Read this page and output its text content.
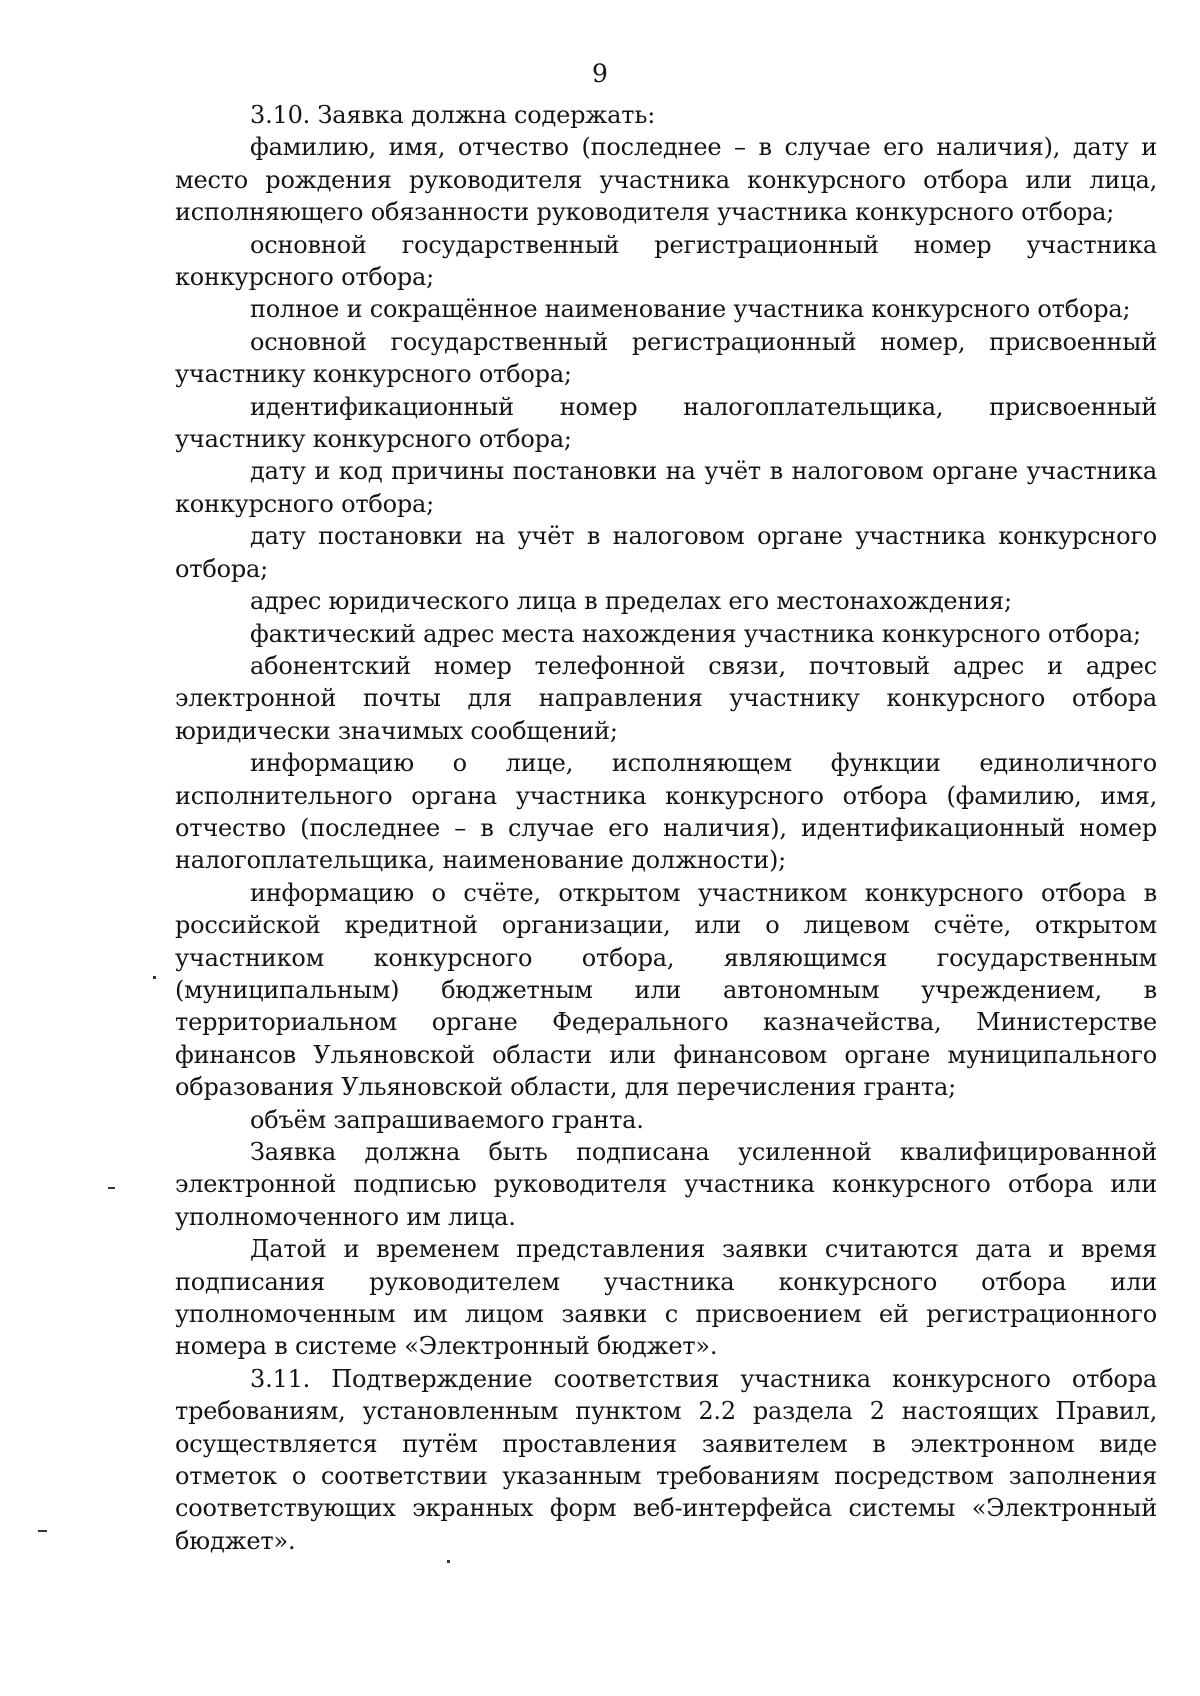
9

3.10. Заявка должна содержать:

фамилию, имя, отчество (последнее – в случае его наличия), дату и место рождения руководителя участника конкурсного отбора или лица, исполняющего обязанности руководителя участника конкурсного отбора;

основной государственный регистрационный номер участника конкурсного отбора;

полное и сокращённое наименование участника конкурсного отбора;

основной государственный регистрационный номер, присвоенный участнику конкурсного отбора;

идентификационный номер налогоплательщика, присвоенный участнику конкурсного отбора;

дату и код причины постановки на учёт в налоговом органе участника конкурсного отбора;

дату постановки на учёт в налоговом органе участника конкурсного отбора;

адрес юридического лица в пределах его местонахождения;

фактический адрес места нахождения участника конкурсного отбора;

абонентский номер телефонной связи, почтовый адрес и адрес электронной почты для направления участнику конкурсного отбора юридически значимых сообщений;

информацию о лице, исполняющем функции единоличного исполнительного органа участника конкурсного отбора (фамилию, имя, отчество (последнее – в случае его наличия), идентификационный номер налогоплательщика, наименование должности);

информацию о счёте, открытом участником конкурсного отбора в российской кредитной организации, или о лицевом счёте, открытом участником конкурсного отбора, являющимся государственным (муниципальным) бюджетным или автономным учреждением, в территориальном органе Федерального казначейства, Министерстве финансов Ульяновской области или финансовом органе муниципального образования Ульяновской области, для перечисления гранта;

объём запрашиваемого гранта.

Заявка должна быть подписана усиленной квалифицированной электронной подписью руководителя участника конкурсного отбора или уполномоченного им лица.

Датой и временем представления заявки считаются дата и время подписания руководителем участника конкурсного отбора или уполномоченным им лицом заявки с присвоением ей регистрационного номера в системе «Электронный бюджет».

3.11. Подтверждение соответствия участника конкурсного отбора требованиям, установленным пунктом 2.2 раздела 2 настоящих Правил, осуществляется путём проставления заявителем в электронном виде отметок о соответствии указанным требованиям посредством заполнения соответствующих экранных форм веб-интерфейса системы «Электронный бюджет».
